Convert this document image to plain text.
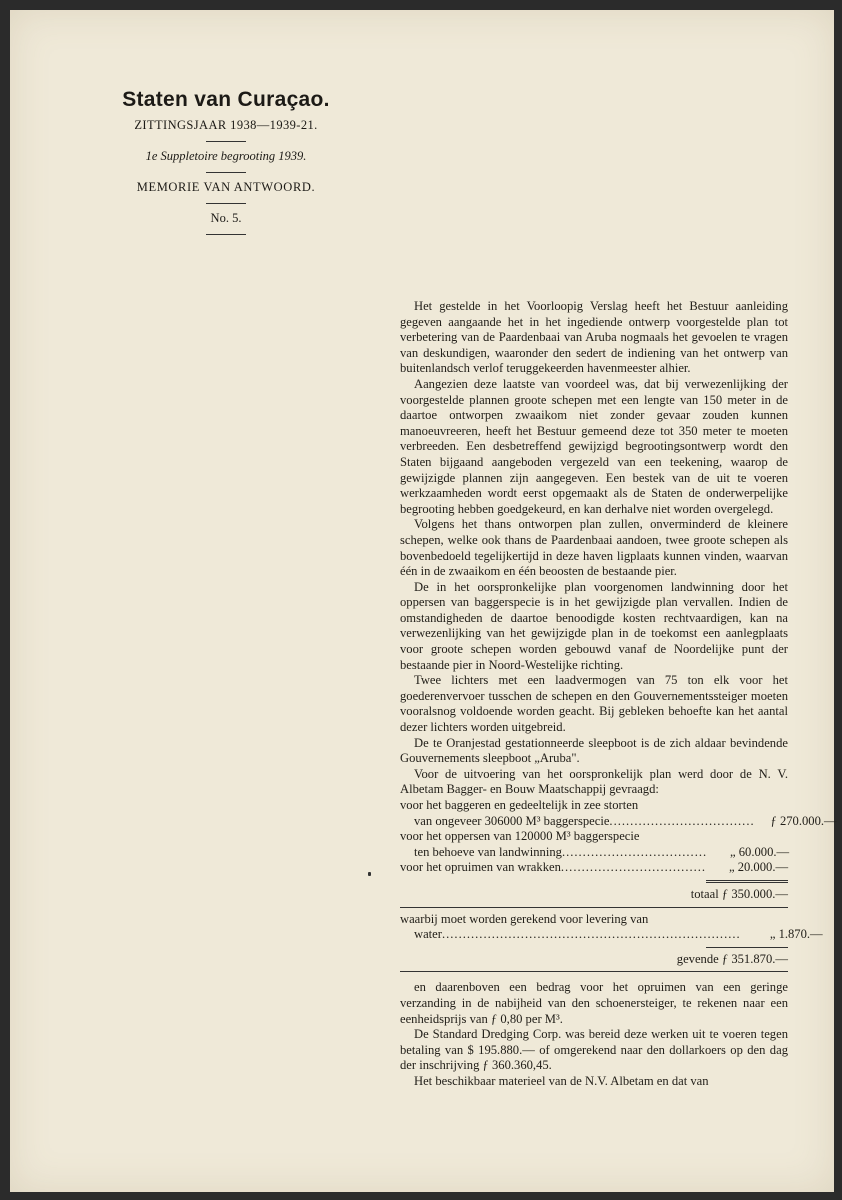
Staten van Curaçao.
ZITTINGSJAAR 1938—1939-21.
1e Suppletoire begrooting 1939.
MEMORIE VAN ANTWOORD.
No. 5.

Het gestelde in het Voorloopig Verslag heeft het Bestuur aanleiding gegeven aangaande het in het ingediende ontwerp voorgestelde plan tot verbetering van de Paardenbaai van Aruba nogmaals het gevoelen te vragen van deskundigen, waaronder den sedert de indiening van het ontwerp van buitenlandsch verlof teruggekeerden havenmeester alhier.

Aangezien deze laatste van voordeel was, dat bij verwezenlijking der voorgestelde plannen groote schepen met een lengte van 150 meter in de daartoe ontworpen zwaaikom niet zonder gevaar zouden kunnen manoeuvreeren, heeft het Bestuur gemeend deze tot 350 meter te moeten verbreeden. Een desbetreffend gewijzigd begrootingsontwerp wordt den Staten bijgaand aangeboden vergezeld van een teekening, waarop de gewijzigde plannen zijn aangegeven. Een bestek van de uit te voeren werkzaamheden wordt eerst opgemaakt als de Staten de onderwerpelijke begrooting hebben goedgekeurd, en kan derhalve niet worden overgelegd.

Volgens het thans ontworpen plan zullen, onverminderd de kleinere schepen, welke ook thans de Paardenbaai aandoen, twee groote schepen als bovenbedoeld tegelijkertijd in deze haven ligplaats kunnen vinden, waarvan één in de zwaaikom en één beoosten de bestaande pier.

De in het oorspronkelijke plan voorgenomen landwinning door het oppersen van baggerspecie is in het gewijzigde plan vervallen. Indien de omstandigheden de daartoe benoodigde kosten rechtvaardigen, kan na verwezenlijking van het gewijzigde plan in de toekomst een aanlegplaats voor groote schepen worden gebouwd vanaf de Noordelijke punt der bestaande pier in Noord-Westelijke richting.

Twee lichters met een laadvermogen van 75 ton elk voor het goederenvervoer tusschen de schepen en den Gouvernementssteiger moeten vooralsnog voldoende worden geacht. Bij gebleken behoefte kan het aantal dezer lichters worden uitgebreid.

De te Oranjestad gestationneerde sleepboot is de zich aldaar bevindende Gouvernements sleepboot „Aruba".

Voor de uitvoering van het oorspronkelijk plan werd door de N. V. Albetam Bagger- en Bouw Maatschappij gevraagd:

voor het baggeren en gedeeltelijk in zee storten
van ongeveer 306000 M³ baggerspecie ...................................	ƒ 270.000.—
voor het oppersen van 120000 M³ baggerspecie
ten behoeve van landwinning ...................................	„ 60.000.—
voor het opruimen van wrakken ...................................	„ 20.000.—
totaal ƒ 350.000.—
waarbij moet worden gerekend voor levering van
water ........................................................................	„ 1.870.—
gevende ƒ 351.870.—

en daarenboven een bedrag voor het opruimen van een geringe verzanding in de nabijheid van den schoenersteiger, te rekenen naar een eenheidsprijs van ƒ 0,80 per M³.

De Standard Dredging Corp. was bereid deze werken uit te voeren tegen betaling van $ 195.880.— of omgerekend naar den dollarkoers op den dag der inschrijving ƒ 360.360,45.

Het beschikbaar materieel van de N.V. Albetam en dat van
